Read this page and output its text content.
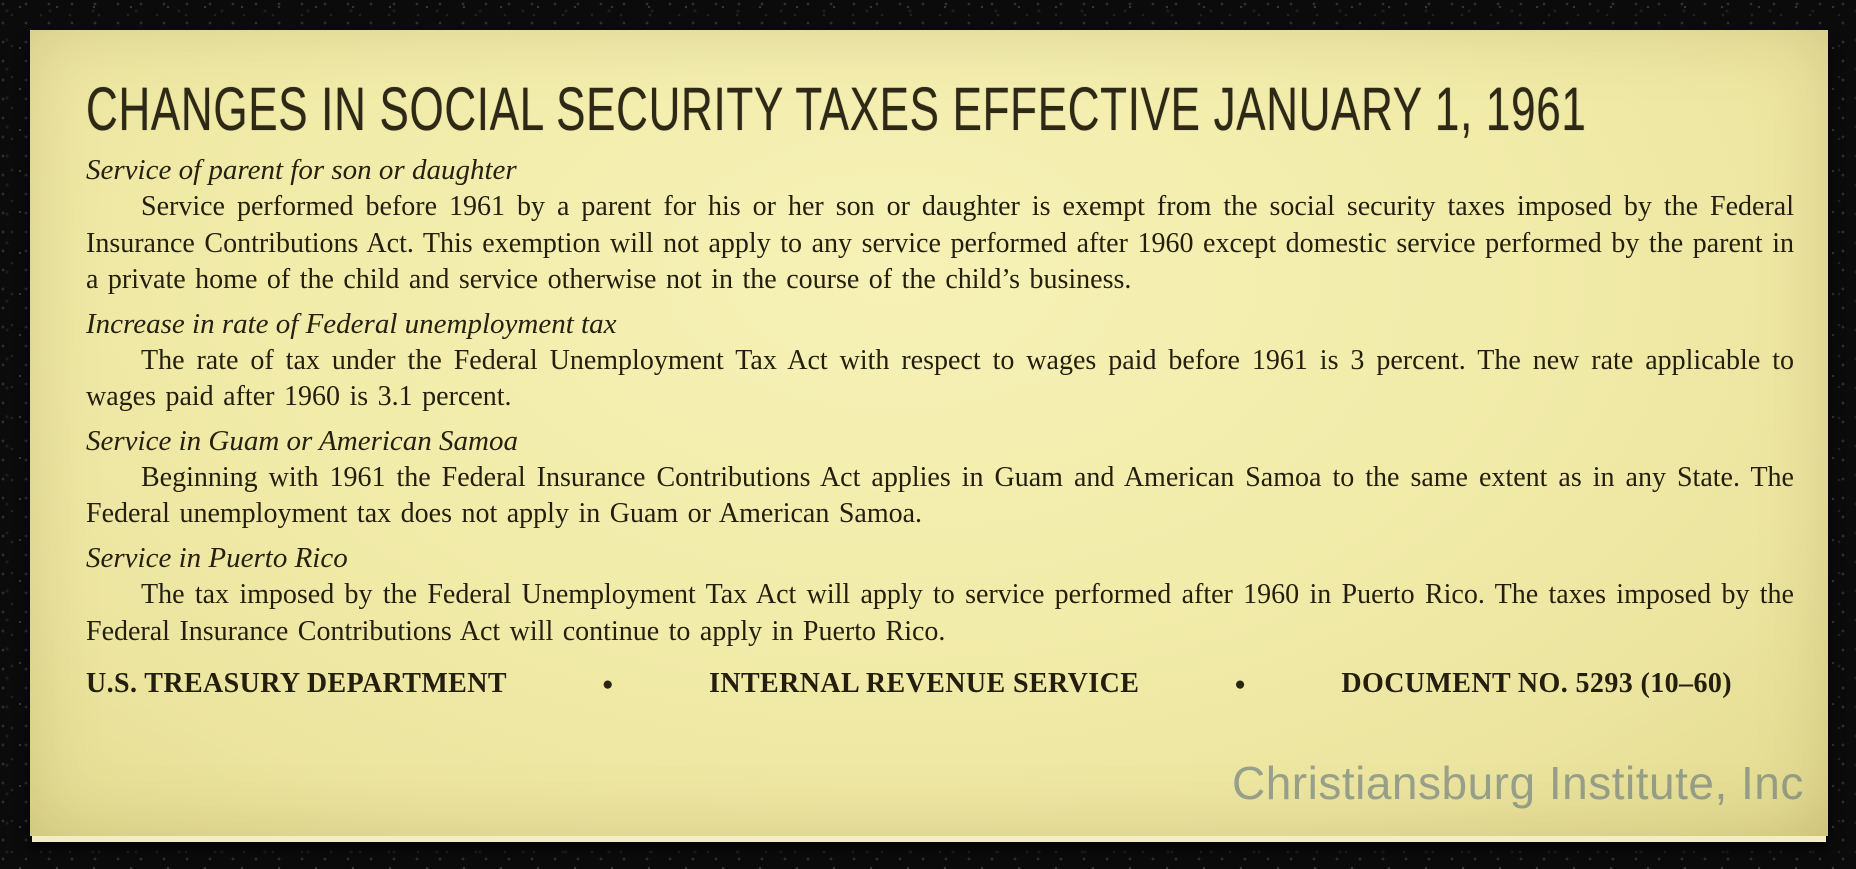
CHANGES IN SOCIAL SECURITY TAXES EFFECTIVE JANUARY 1, 1961
Service of parent for son or daughter

Service performed before 1961 by a parent for his or her son or daughter is exempt from the social security taxes imposed by the Federal Insurance Contributions Act. This exemption will not apply to any service performed after 1960 except domestic service performed by the parent in a private home of the child and service otherwise not in the course of the child’s business.

Increase in rate of Federal unemployment tax

The rate of tax under the Federal Unemployment Tax Act with respect to wages paid before 1961 is 3 percent. The new rate applicable to wages paid after 1960 is 3.1 percent.

Service in Guam or American Samoa

Beginning with 1961 the Federal Insurance Contributions Act applies in Guam and American Samoa to the same extent as in any State. The Federal unemployment tax does not apply in Guam or American Samoa.

Service in Puerto Rico

The tax imposed by the Federal Unemployment Tax Act will apply to service performed after 1960 in Puerto Rico. The taxes imposed by the Federal Insurance Contributions Act will continue to apply in Puerto Rico.

U.S. TREASURY DEPARTMENT	●	INTERNAL REVENUE SERVICE	●	DOCUMENT NO. 5293 (10–60)
Christiansburg Institute, Inc
